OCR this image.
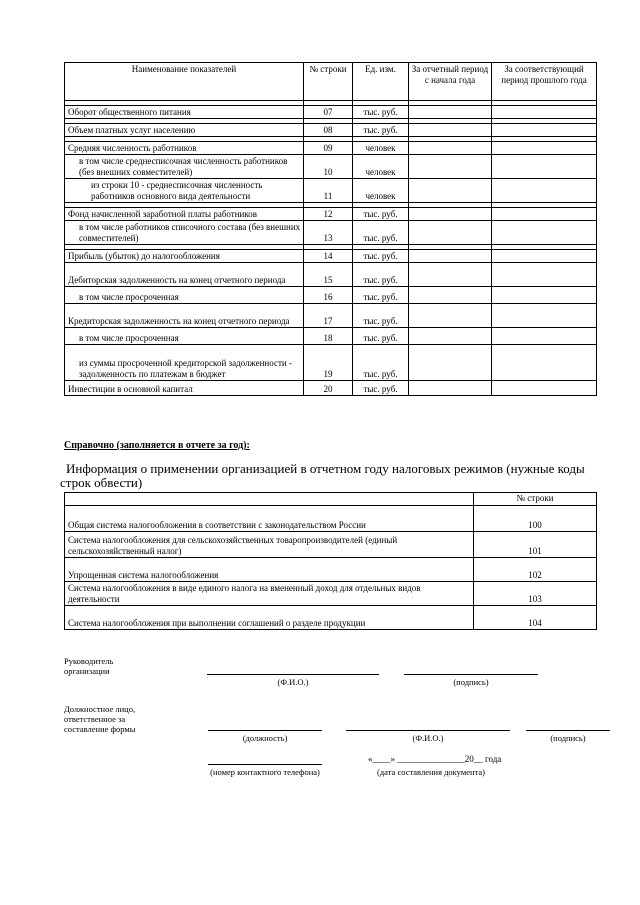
Наименование показателей	№ строки	Ед. изм.	За отчетный период с начала года	За соответствующий период прошлого года

Оборот общественного питания	07	тыс. руб.		

Объем платных услуг населению	08	тыс. руб.		

Средняя численность работников	09	человек		
в том числе среднесписочная численность работников (без внешних совместителей)	10	человек		
из строки 10 - среднесписочная численность работников основного вида деятельности	11	человек		

Фонд начисленной заработной платы работников	12	тыс. руб.		
в том числе работников списочного состава (без внешних совместителей)	13	тыс. руб.		

Прибыль (убыток) до налогообложения	14	тыс. руб.		
Дебиторская задолженность на конец отчетного периода	15	тыс. руб.		
в том числе просроченная	16	тыс. руб.		
Кредиторская задолженность на конец отчетного периода	17	тыс. руб.		
в том числе просроченная	18	тыс. руб.		
из суммы просроченной кредиторской задолженности - задолженность по платежам в бюджет	19	тыс. руб.		
Инвестиции в основной капитал	20	тыс. руб.		
Справочно (заполняется в отчете за год):
Информация о применении организацией в отчетном году налоговых режимов (нужные коды строк обвести)
	№ строки
Общая система налогообложения в соответствии с законодательством России	100
Система налогообложения для сельскохозяйственных товаропроизводителей (единый сельскохозяйственный налог)	101
Упрощенная система налогообложения	102
Система налогообложения в виде единого налога на вмененный доход для отдельных видов деятельности	103
Система налогообложения при выполнении соглашений о разделе продукции	104
Руководитель организации
(Ф.И.О.)	(подпись)
Должностное лицо, ответственное за составление формы
(должность)	(Ф.И.О.)	(подпись)
(номер контактного телефона)
«____» _______________20__ года
(дата составления документа)
